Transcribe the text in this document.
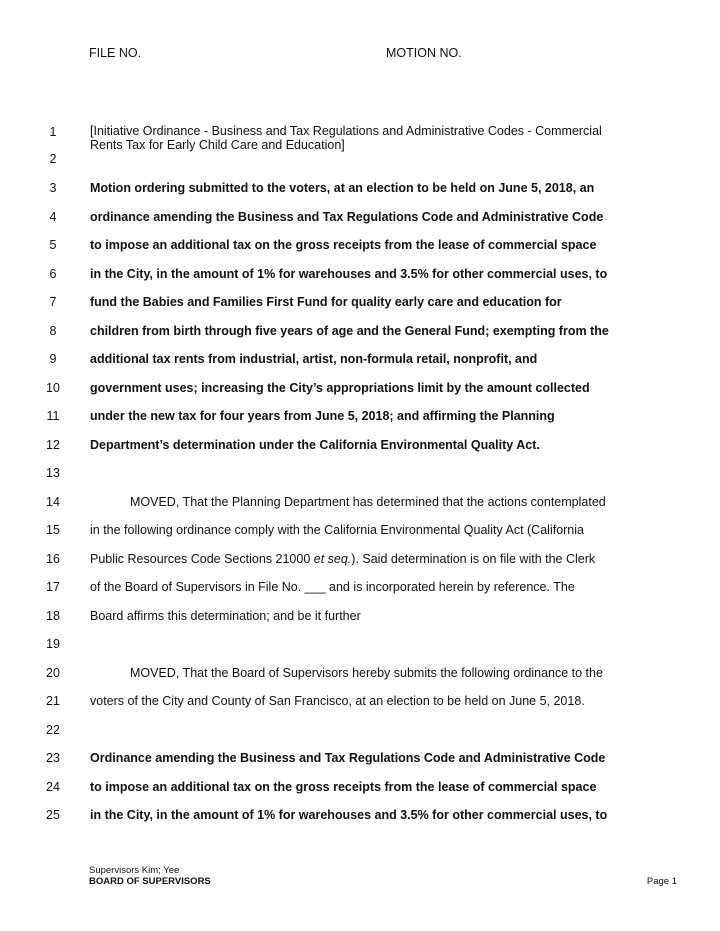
FILE NO.	MOTION NO.
1	[Initiative Ordinance - Business and Tax Regulations and Administrative Codes - Commercial
Rents Tax for Early Child Care and Education]
2
3	Motion ordering submitted to the voters, at an election to be held on June 5, 2018, an
4	ordinance amending the Business and Tax Regulations Code and Administrative Code
5	to impose an additional tax on the gross receipts from the lease of commercial space
6	in the City, in the amount of 1% for warehouses and 3.5% for other commercial uses, to
7	fund the Babies and Families First Fund for quality early care and education for
8	children from birth through five years of age and the General Fund; exempting from the
9	additional tax rents from industrial, artist, non-formula retail, nonprofit, and
10	government uses; increasing the City’s appropriations limit by the amount collected
11	under the new tax for four years from June 5, 2018; and affirming the Planning
12	Department’s determination under the California Environmental Quality Act.
13
14	MOVED, That the Planning Department has determined that the actions contemplated
15	in the following ordinance comply with the California Environmental Quality Act (California
16	Public Resources Code Sections 21000 et seq.). Said determination is on file with the Clerk
17	of the Board of Supervisors in File No. ___ and is incorporated herein by reference. The
18	Board affirms this determination; and be it further
19
20	MOVED, That the Board of Supervisors hereby submits the following ordinance to the
21	voters of the City and County of San Francisco, at an election to be held on June 5, 2018.
22
23	Ordinance amending the Business and Tax Regulations Code and Administrative Code
24	to impose an additional tax on the gross receipts from the lease of commercial space
25	in the City, in the amount of 1% for warehouses and 3.5% for other commercial uses, to
Supervisors Kim; Yee
BOARD OF SUPERVISORS	Page 1
